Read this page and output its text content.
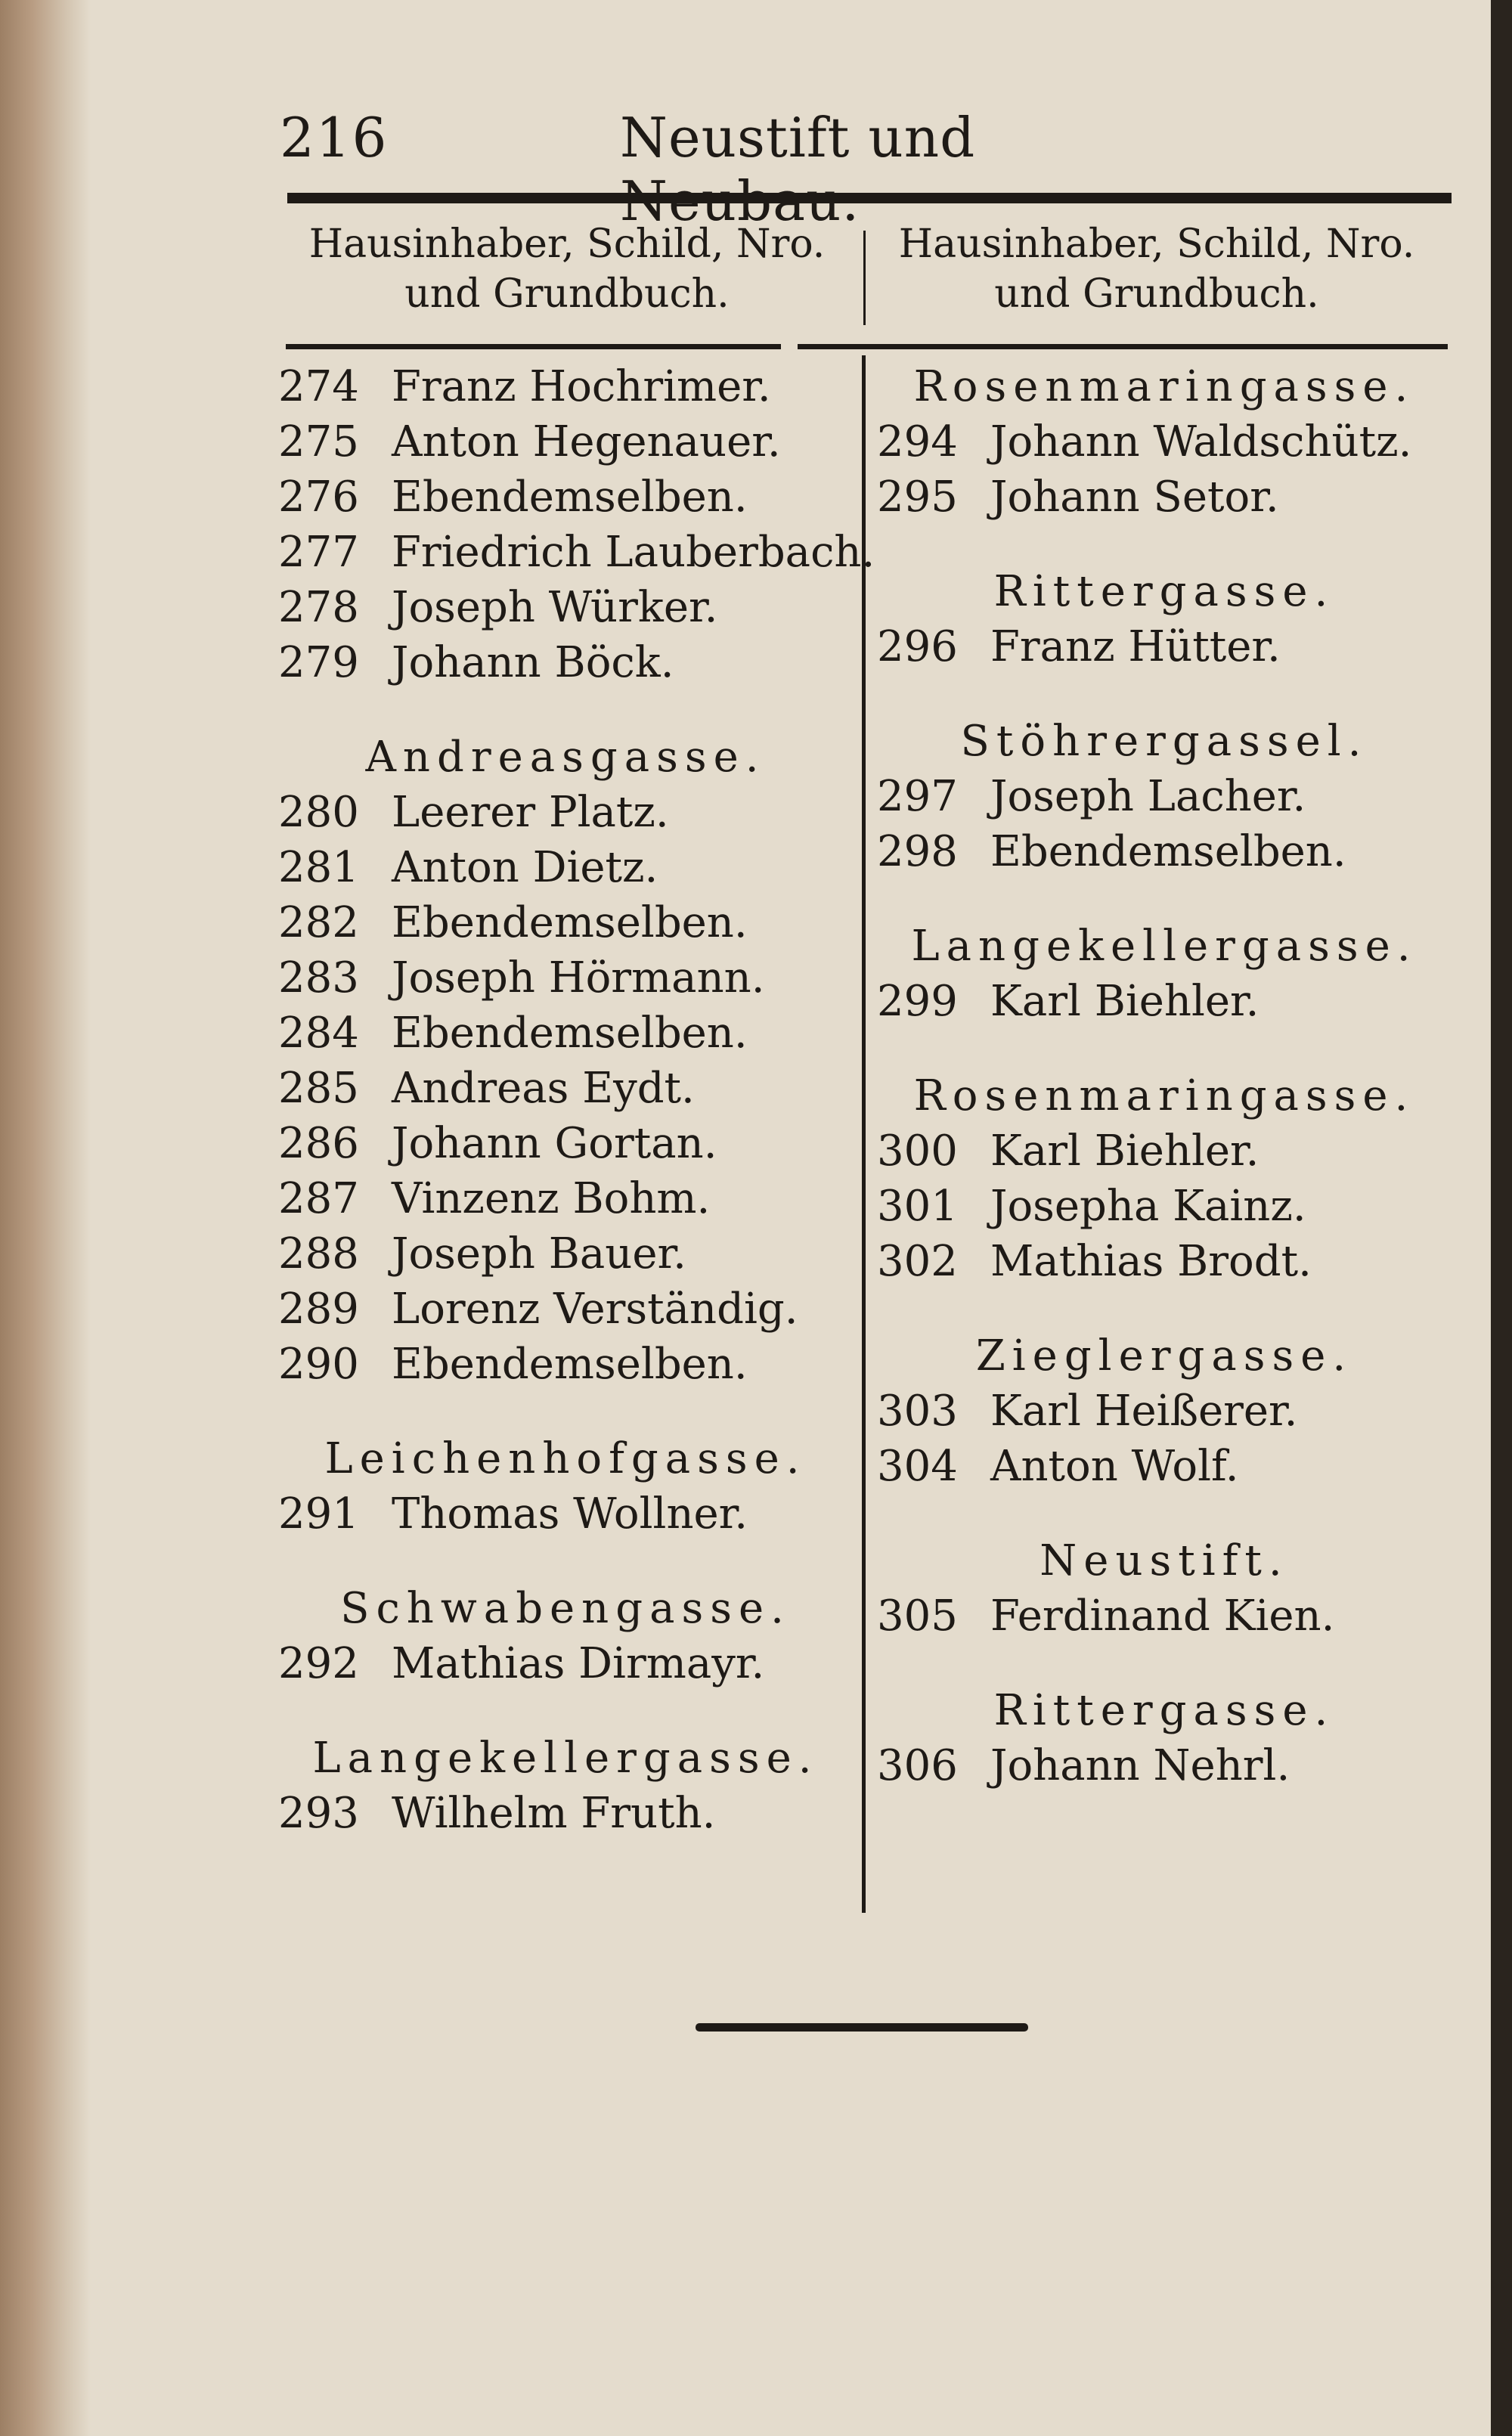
216	Neustift und
Hausinhaber, Schild, Nro.
und Grundbuch.
Hausinhaber, Schild, Nro.
und Grundbuch.
274 Franz Hochrimer.
275 Anton Hegenauer.
276 Ebendemselben.
277 Friedrich Lauberbach.
278 Joseph Würker.
279 Johann Böck.
Andreasgasse.
280 Leerer Platz.
281 Anton Dietz.
282 Ebendemselben.
283 Joseph Hörmann.
284 Ebendemselben.
285 Andreas Eydt.
286 Johann Gortan.
287 Vinzenz Bohm.
288 Joseph Bauer.
289 Lorenz Verständig.
290 Ebendemselben.
Leichenhofgasse.
291 Thomas Wollner.
Schwabengasse.
292 Mathias Dirmayr.
Langekellergasse.
293 Wilhelm Fruth.
Rosenmaringasse.
294 Johann Waldschütz.
295 Johann Setor.
Rittergasse.
296 Franz Hütter.
Stöhrergassel.
297 Joseph Lacher.
298 Ebendemselben.
Langekellergasse.
299 Karl Biehler.
Rosenmaringasse.
300 Karl Biehler.
301 Josepha Kainz.
302 Mathias Brodt.
Zieglergasse.
303 Karl Heißerer.
304 Anton Wolf.
Neustift.
305 Ferdinand Kien.
Rittergasse.
306 Johann Nehrl.
